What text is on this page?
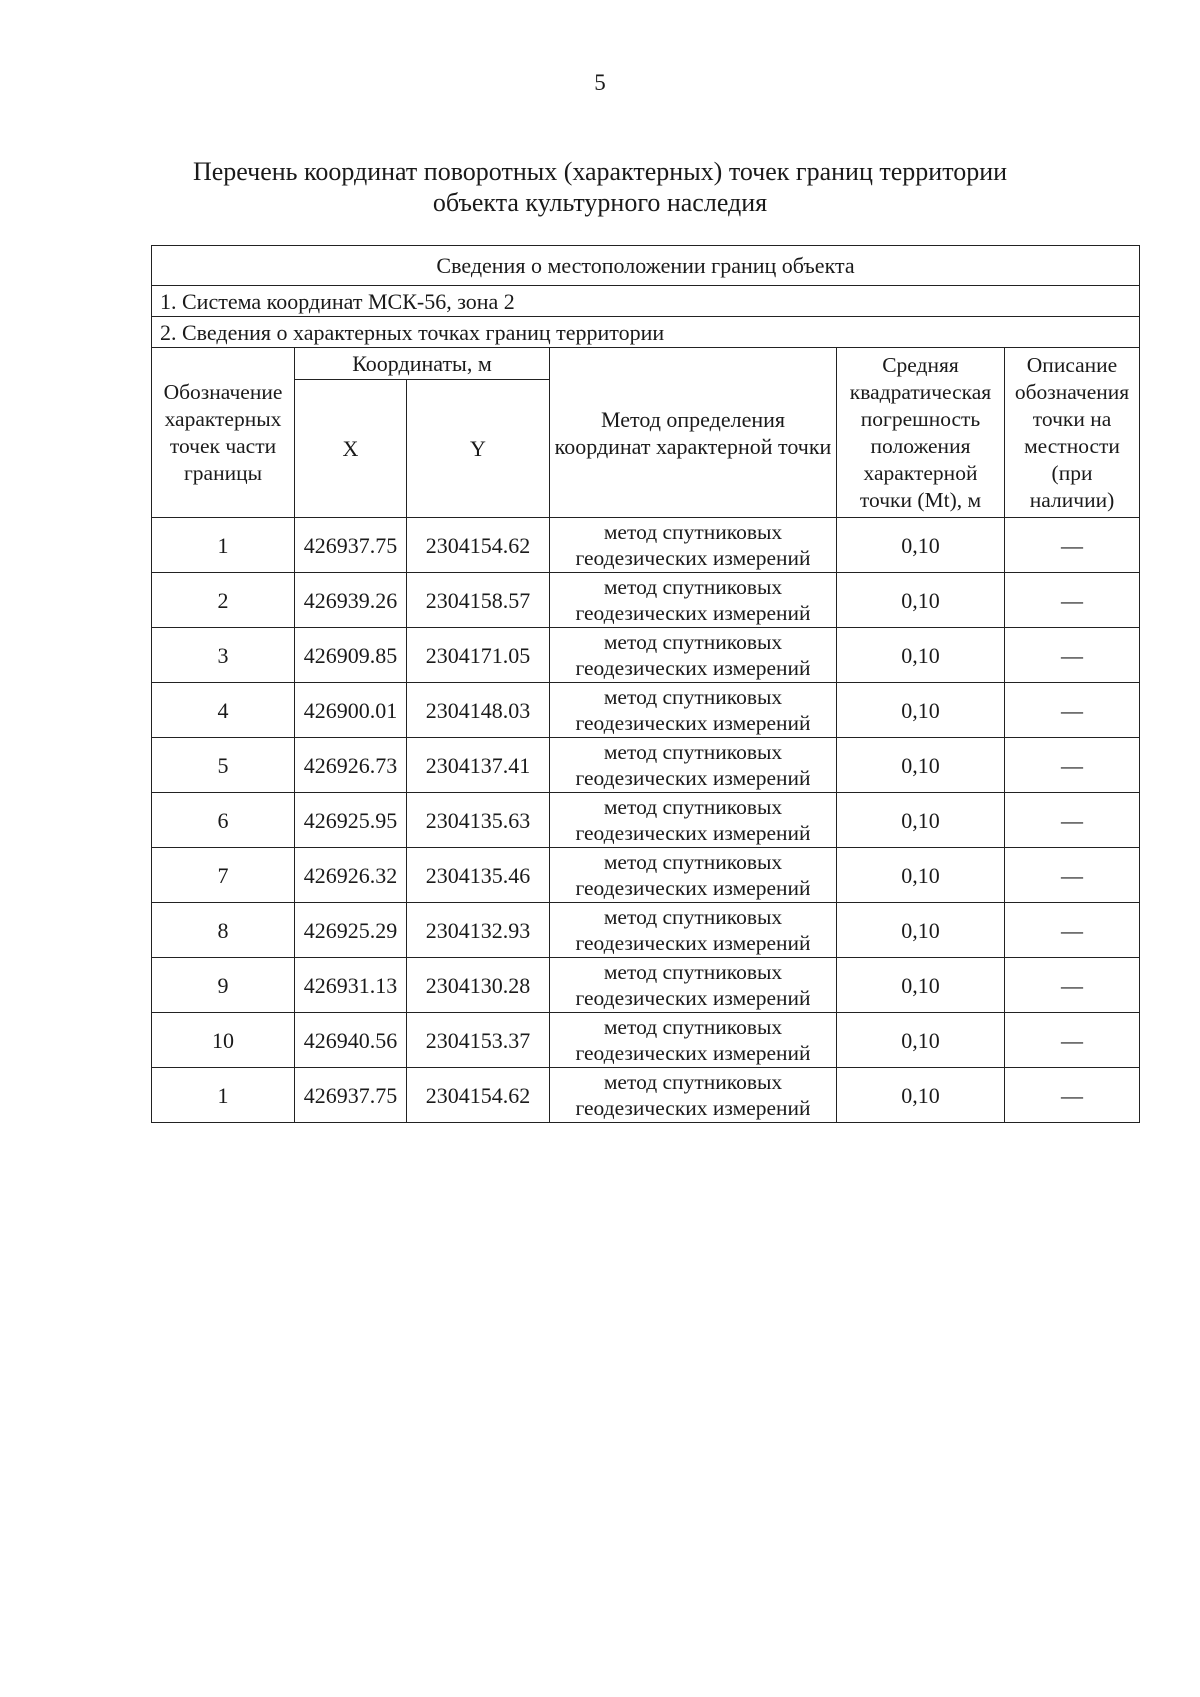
5
Перечень координат поворотных (характерных) точек границ территории
объекта культурного наследия
Сведения о местоположении границ объекта					
1. Система координат МСК-56, зона 2					
2. Сведения о характерных точках границ территории					
Обозначение характерных точек части границы	Координаты, м		Метод определения координат характерной точки	Средняя квадратическая погрешность положения характерной точки (Mt), м	Описание обозначения точки на местности (при наличии)
	X	Y			
1	426937.75	2304154.62	метод спутниковых геодезических измерений	0,10	—
2	426939.26	2304158.57	метод спутниковых геодезических измерений	0,10	—
3	426909.85	2304171.05	метод спутниковых геодезических измерений	0,10	—
4	426900.01	2304148.03	метод спутниковых геодезических измерений	0,10	—
5	426926.73	2304137.41	метод спутниковых геодезических измерений	0,10	—
6	426925.95	2304135.63	метод спутниковых геодезических измерений	0,10	—
7	426926.32	2304135.46	метод спутниковых геодезических измерений	0,10	—
8	426925.29	2304132.93	метод спутниковых геодезических измерений	0,10	—
9	426931.13	2304130.28	метод спутниковых геодезических измерений	0,10	—
10	426940.56	2304153.37	метод спутниковых геодезических измерений	0,10	—
1	426937.75	2304154.62	метод спутниковых геодезических измерений	0,10	—
